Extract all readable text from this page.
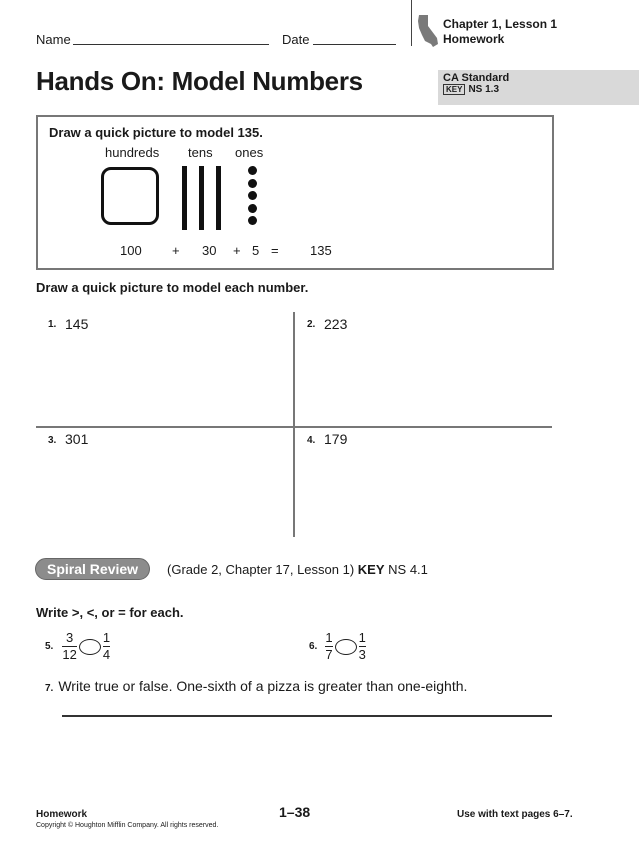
Name	Date
Chapter 1, Lesson 1
Homework
Hands On: Model Numbers	CA Standard
KEY NS 1.3
Draw a quick picture to model 135.
hundreds tens ones
100 + 30 + 5 = 135
Draw a quick picture to model each number.
1. 145	2. 223
3. 301	4. 179
Spiral Review	(Grade 2, Chapter 17, Lesson 1) KEY NS 4.1
Write >, <, or = for each.
5. $\frac{3}{12} \frac{1}{4}$	6. $\frac{1}{7} \frac{1}{3}$
7. Write true or false. One-sixth of a pizza is greater than one-eighth.
Homework
Copyright © Houghton Mifflin Company. All rights reserved.
1–38	Use with text pages 6–7.
